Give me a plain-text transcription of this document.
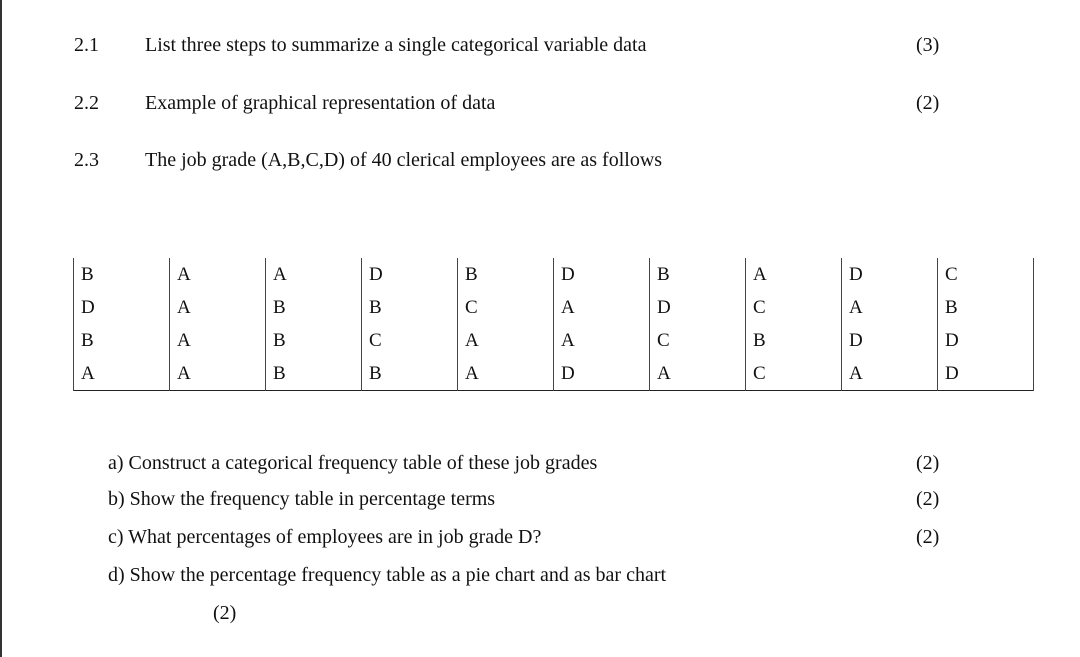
2.1 List three steps to summarize a single categorical variable data	(3)
2.2 Example of graphical representation of data	(2)
2.3 The job grade (A,B,C,D) of 40 clerical employees are as follows
B	A	A	D	B	D	B	A	D	C
D	A	B	B	C	A	D	C	A	B
B	A	B	C	A	A	C	B	D	D
A	A	B	B	A	D	A	C	A	D
a) Construct a categorical frequency table of these job grades	(2)
b) Show the frequency table in percentage terms	(2)
c) What percentages of employees are in job grade D?	(2)
d) Show the percentage frequency table as a pie chart and as bar chart
(2)
